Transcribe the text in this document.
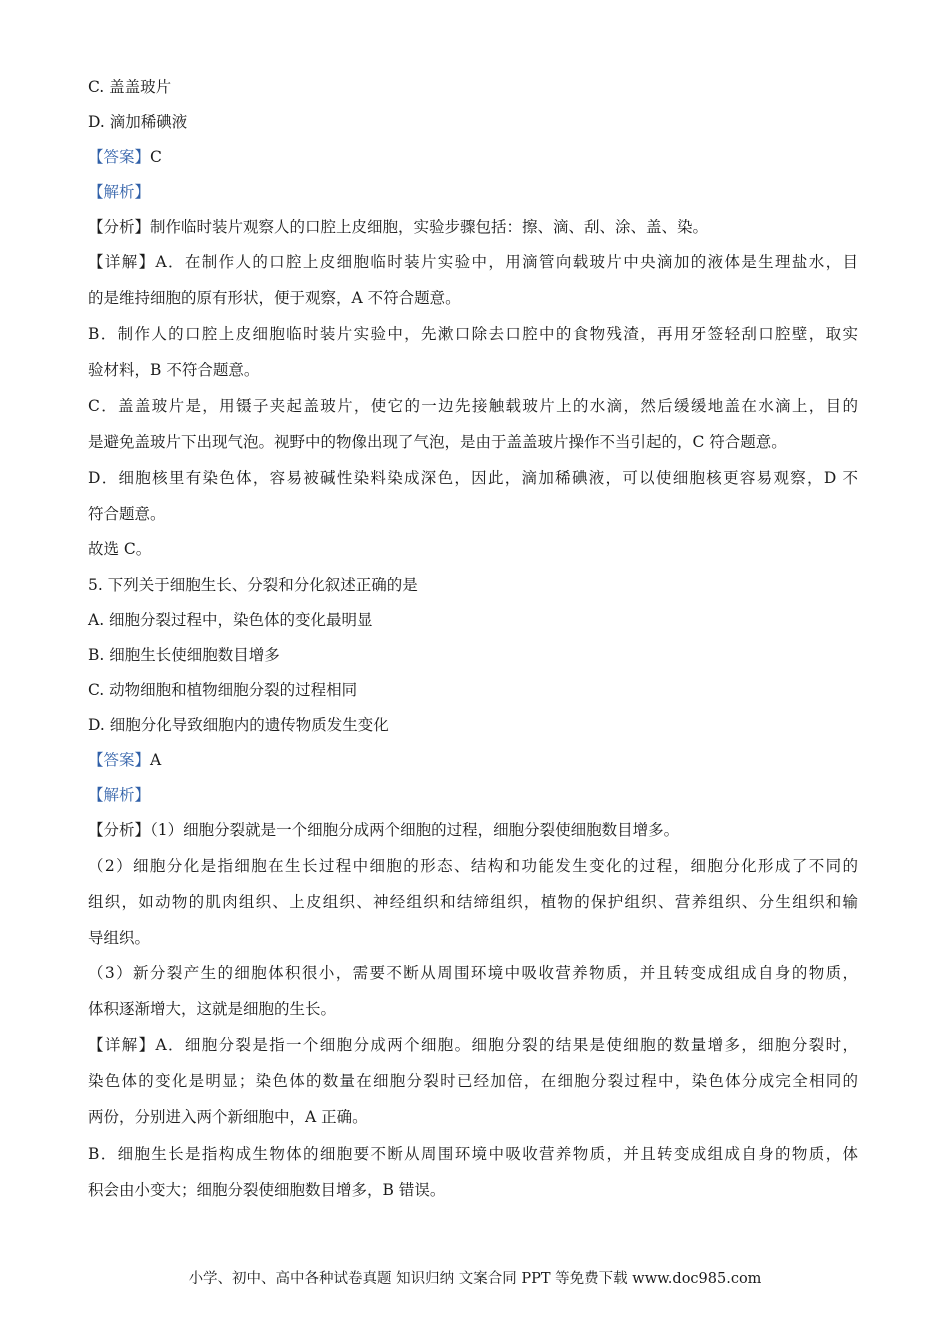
C. 盖盖玻片
D. 滴加稀碘液
【答案】C
【解析】
【分析】制作临时装片观察人的口腔上皮细胞，实验步骤包括：擦、滴、刮、涂、盖、染。
【详解】A．在制作人的口腔上皮细胞临时装片实验中，用滴管向载玻片中央滴加的液体是生理盐水，目
的是维持细胞的原有形状，便于观察，A 不符合题意。
B．制作人的口腔上皮细胞临时装片实验中，先漱口除去口腔中的食物残渣，再用牙签轻刮口腔壁，取实
验材料，B 不符合题意。
C．盖盖玻片是，用镊子夹起盖玻片，使它的一边先接触载玻片上的水滴，然后缓缓地盖在水滴上，目的
是避免盖玻片下出现气泡。视野中的物像出现了气泡，是由于盖盖玻片操作不当引起的，C 符合题意。
D．细胞核里有染色体，容易被碱性染料染成深色，因此，滴加稀碘液，可以使细胞核更容易观察，D 不
符合题意。
故选 C。
5. 下列关于细胞生长、分裂和分化叙述正确的是
A. 细胞分裂过程中，染色体的变化最明显
B. 细胞生长使细胞数目增多
C. 动物细胞和植物细胞分裂的过程相同
D. 细胞分化导致细胞内的遗传物质发生变化
【答案】A
【解析】
【分析】（1）细胞分裂就是一个细胞分成两个细胞的过程，细胞分裂使细胞数目增多。
（2）细胞分化是指细胞在生长过程中细胞的形态、结构和功能发生变化的过程，细胞分化形成了不同的
组织，如动物的肌肉组织、上皮组织、神经组织和结缔组织，植物的保护组织、营养组织、分生组织和输
导组织。
（3）新分裂产生的细胞体积很小，需要不断从周围环境中吸收营养物质，并且转变成组成自身的物质，
体积逐渐增大，这就是细胞的生长。
【详解】A．细胞分裂是指一个细胞分成两个细胞。细胞分裂的结果是使细胞的数量增多，细胞分裂时，
染色体的变化是明显；染色体的数量在细胞分裂时已经加倍，在细胞分裂过程中，染色体分成完全相同的
两份，分别进入两个新细胞中，A 正确。
B．细胞生长是指构成生物体的细胞要不断从周围环境中吸收营养物质，并且转变成组成自身的物质，体
积会由小变大；细胞分裂使细胞数目增多，B 错误。
小学、初中、高中各种试卷真题 知识归纳 文案合同 PPT 等免费下载 www.doc985.com
